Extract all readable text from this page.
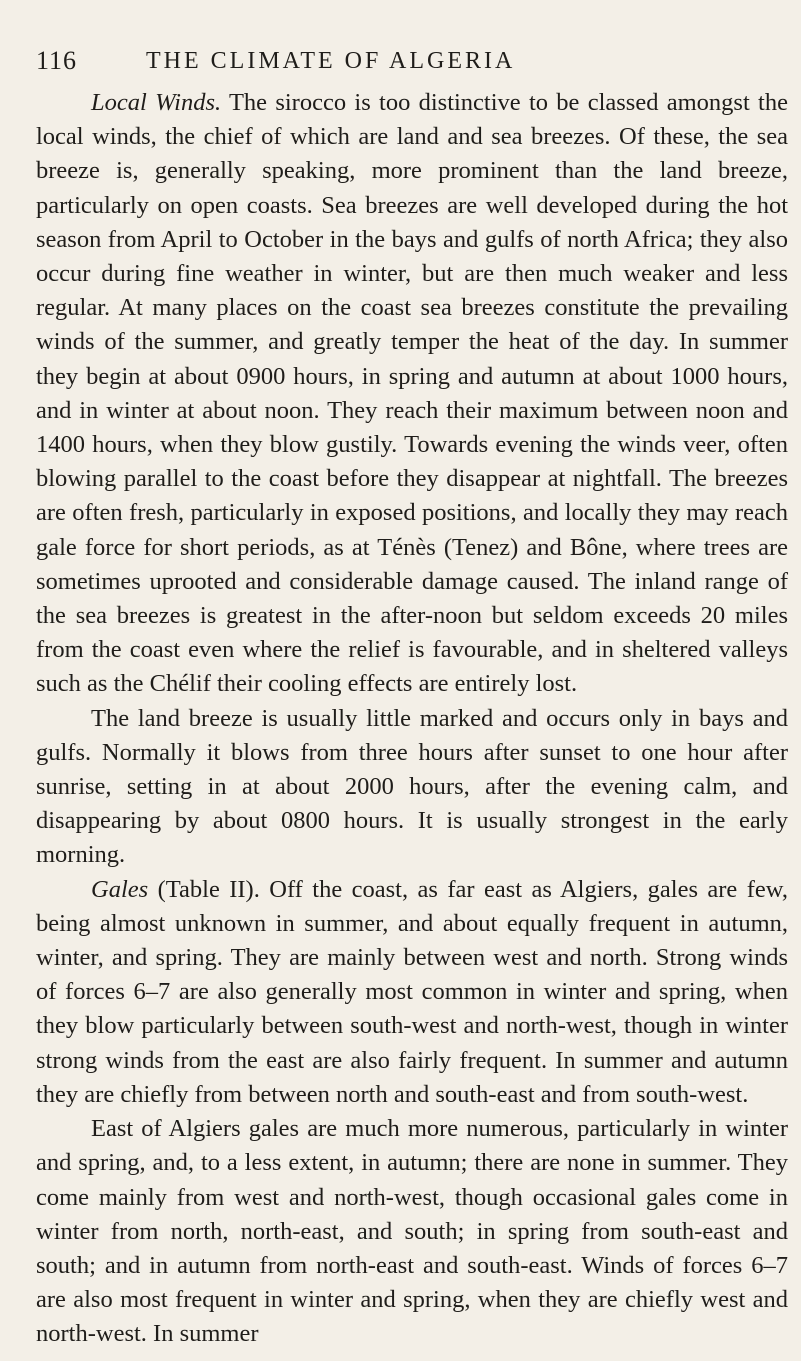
116	THE CLIMATE OF ALGERIA

Local Winds. The sirocco is too distinctive to be classed amongst the local winds, the chief of which are land and sea breezes. Of these, the sea breeze is, generally speaking, more prominent than the land breeze, particularly on open coasts. Sea breezes are well developed during the hot season from April to October in the bays and gulfs of north Africa; they also occur during fine weather in winter, but are then much weaker and less regular. At many places on the coast sea breezes constitute the prevailing winds of the summer, and greatly temper the heat of the day. In summer they begin at about 0900 hours, in spring and autumn at about 1000 hours, and in winter at about noon. They reach their maximum between noon and 1400 hours, when they blow gustily. Towards evening the winds veer, often blowing parallel to the coast before they disappear at nightfall. The breezes are often fresh, particularly in exposed positions, and locally they may reach gale force for short periods, as at Ténès (Tenez) and Bône, where trees are sometimes uprooted and considerable damage caused. The inland range of the sea breezes is greatest in the after-noon but seldom exceeds 20 miles from the coast even where the relief is favourable, and in sheltered valleys such as the Chélif their cooling effects are entirely lost.

The land breeze is usually little marked and occurs only in bays and gulfs. Normally it blows from three hours after sunset to one hour after sunrise, setting in at about 2000 hours, after the evening calm, and disappearing by about 0800 hours. It is usually strongest in the early morning.

Gales (Table II). Off the coast, as far east as Algiers, gales are few, being almost unknown in summer, and about equally frequent in autumn, winter, and spring. They are mainly between west and north. Strong winds of forces 6–7 are also generally most common in winter and spring, when they blow particularly between south-west and north-west, though in winter strong winds from the east are also fairly frequent. In summer and autumn they are chiefly from between north and south-east and from south-west.

East of Algiers gales are much more numerous, particularly in winter and spring, and, to a less extent, in autumn; there are none in summer. They come mainly from west and north-west, though occasional gales come in winter from north, north-east, and south; in spring from south-east and south; and in autumn from north-east and south-east. Winds of forces 6–7 are also most frequent in winter and spring, when they are chiefly west and north-west. In summer
